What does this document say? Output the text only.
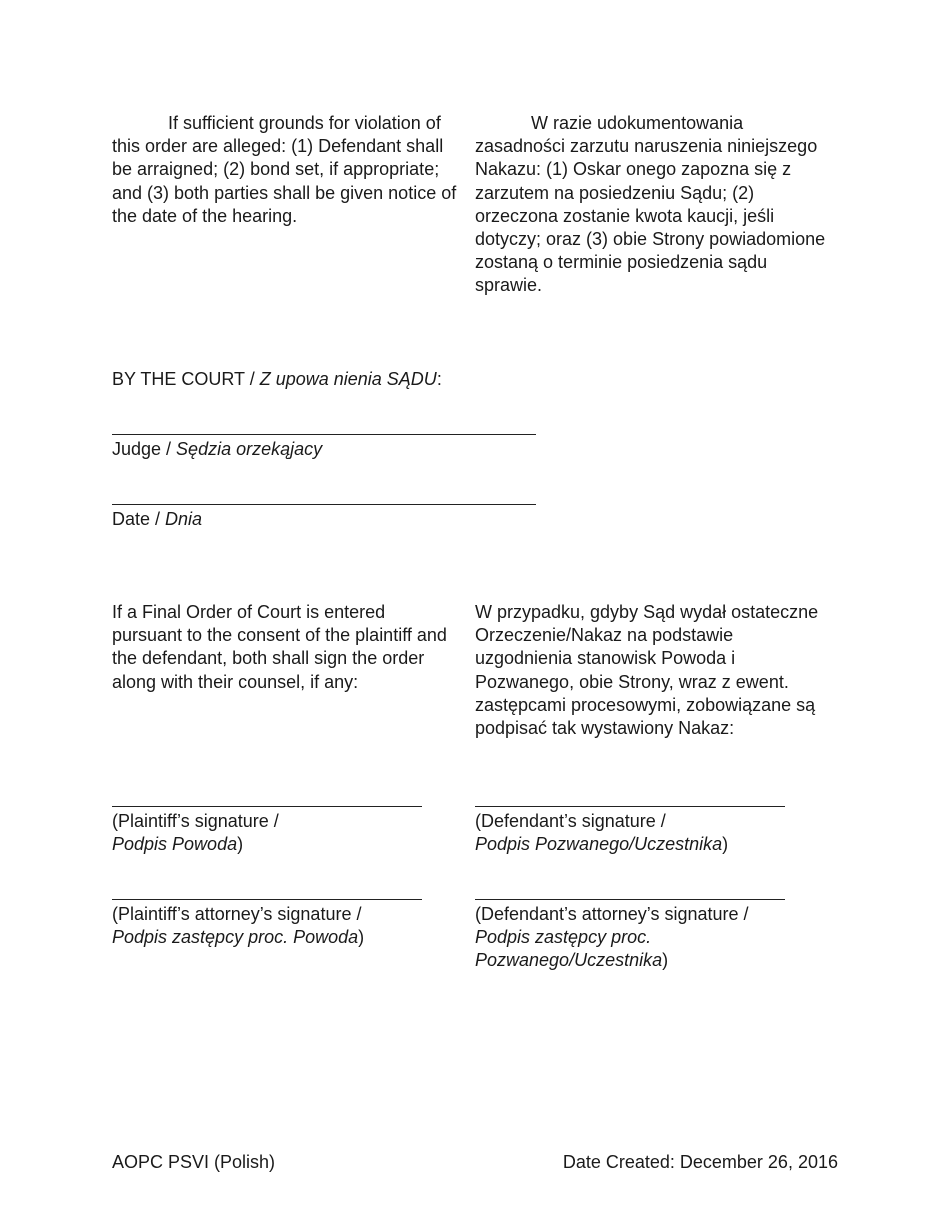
If sufficient grounds for violation of this order are alleged: (1) Defendant shall be arraigned; (2) bond set, if appropriate; and (3) both parties shall be given notice of the date of the hearing.

W razie udokumentowania zasadności zarzutu naruszenia niniejszego Nakazu: (1) Oskar onego zapozna się z zarzutem na posiedzeniu Sądu; (2) orzeczona zostanie kwota kaucji, jeśli dotyczy; oraz (3) obie Strony powiadomione zostaną o terminie posiedzenia sądu sprawie.

BY THE COURT / Z upowa nienia SĄDU:
Judge / Sędzia orzekąjacy
Date / Dnia

If a Final Order of Court is entered pursuant to the consent of the plaintiff and the defendant, both shall sign the order along with their counsel, if any:

W przypadku, gdyby Sąd wydał ostateczne Orzeczenie/Nakaz na podstawie uzgodnienia stanowisk Powoda i Pozwanego, obie Strony, wraz z ewent. zastępcami procesowymi, zobowiązane są podpisać tak wystawiony Nakaz:

(Plaintiff’s signature /
Podpis Powoda)
(Defendant’s signature /
Podpis Pozwanego/Uczestnika)
(Plaintiff’s attorney’s signature /
Podpis zastępcy proc. Powoda)
(Defendant’s attorney’s signature /
Podpis zastępcy proc.
Pozwanego/Uczestnika)
AOPC PSVI (Polish)	Date Created: December 26, 2016
